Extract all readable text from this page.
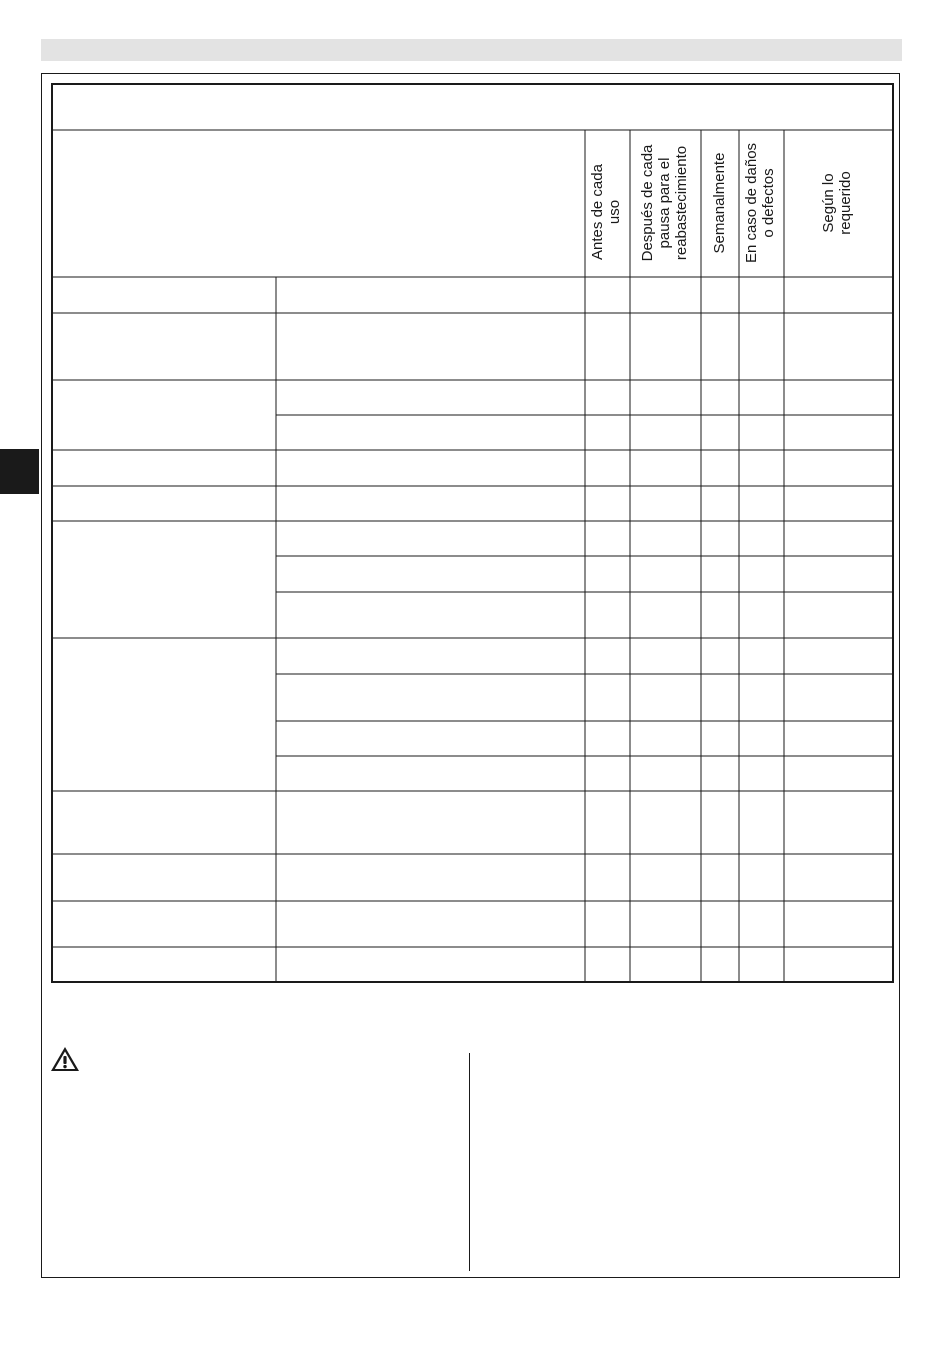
Antes de cada uso Después de cada pausa para el reabastecimiento Semanalmente En caso de daños o defectos	Según lo requerido
